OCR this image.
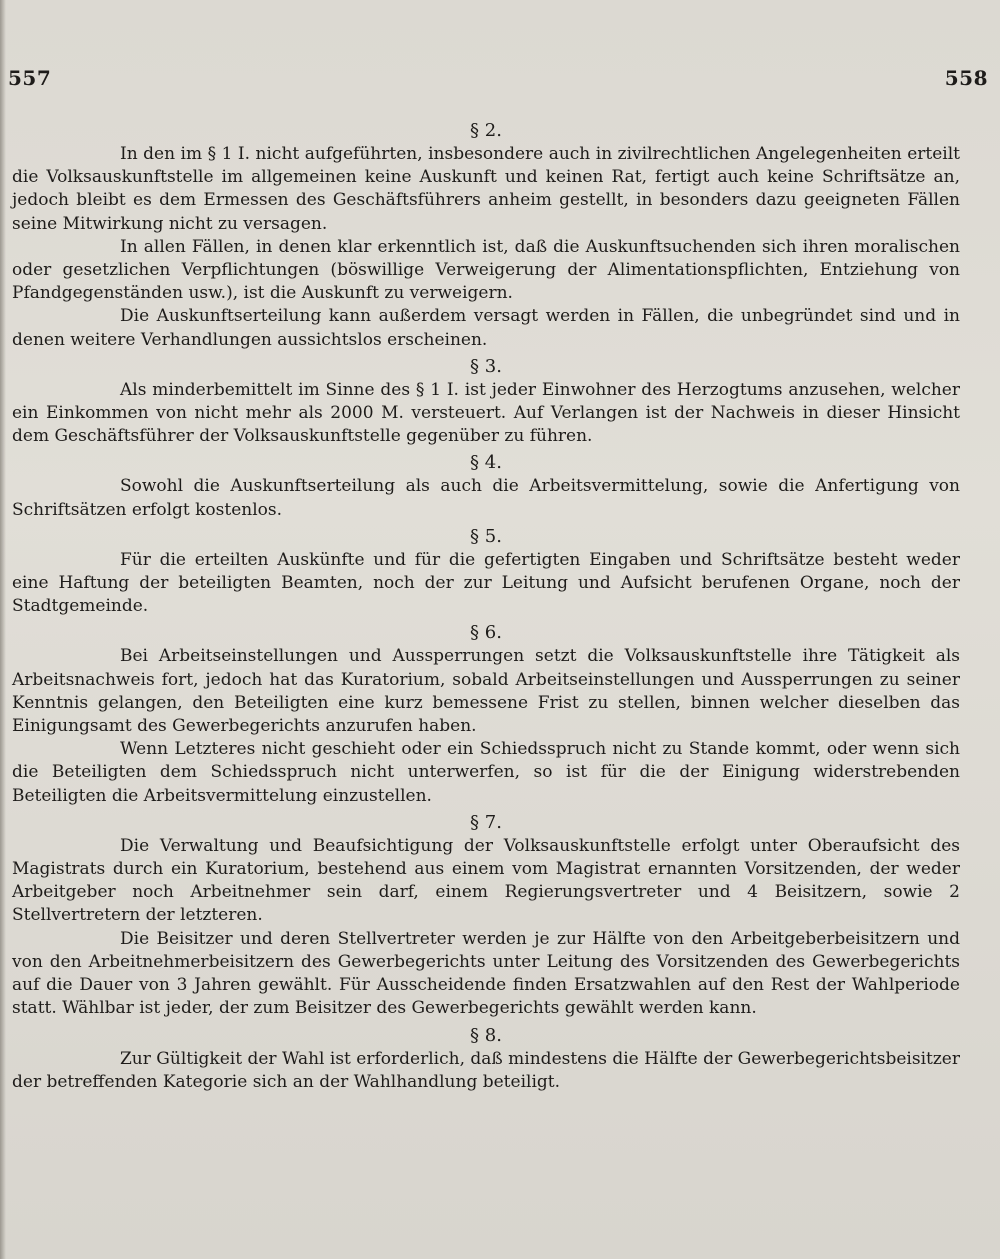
557	558
§ 2.

In den im § 1 I. nicht aufgeführten, insbesondere auch in zivilrechtlichen Angelegenheiten erteilt die Volksauskunftstelle im allgemeinen keine Auskunft und keinen Rat, fertigt auch keine Schriftsätze an, jedoch bleibt es dem Ermessen des Geschäftsführers anheim gestellt, in besonders dazu geeigneten Fällen seine Mitwirkung nicht zu versagen.

In allen Fällen, in denen klar erkenntlich ist, daß die Auskunftsuchenden sich ihren moralischen oder gesetzlichen Verpflichtungen (böswillige Verweigerung der Alimentationspflichten, Entziehung von Pfandgegenständen usw.), ist die Auskunft zu verweigern.

Die Auskunftserteilung kann außerdem versagt werden in Fällen, die unbegründet sind und in denen weitere Verhandlungen aussichtslos erscheinen.

§ 3.

Als minderbemittelt im Sinne des § 1 I. ist jeder Einwohner des Herzogtums anzusehen, welcher ein Einkommen von nicht mehr als 2000 M. versteuert. Auf Verlangen ist der Nachweis in dieser Hinsicht dem Geschäftsführer der Volksauskunftstelle gegenüber zu führen.

§ 4.

Sowohl die Auskunftserteilung als auch die Arbeitsvermittelung, sowie die Anfertigung von Schriftsätzen erfolgt kostenlos.

§ 5.

Für die erteilten Auskünfte und für die gefertigten Eingaben und Schriftsätze besteht weder eine Haftung der beteiligten Beamten, noch der zur Leitung und Aufsicht berufenen Organe, noch der Stadtgemeinde.

§ 6.

Bei Arbeitseinstellungen und Aussperrungen setzt die Volksauskunftstelle ihre Tätigkeit als Arbeitsnachweis fort, jedoch hat das Kuratorium, sobald Arbeitseinstellungen und Aussperrungen zu seiner Kenntnis gelangen, den Beteiligten eine kurz bemessene Frist zu stellen, binnen welcher dieselben das Einigungsamt des Gewerbegerichts anzurufen haben.

Wenn Letzteres nicht geschieht oder ein Schiedsspruch nicht zu Stande kommt, oder wenn sich die Beteiligten dem Schiedsspruch nicht unterwerfen, so ist für die der Einigung widerstrebenden Beteiligten die Arbeitsvermittelung einzustellen.

§ 7.

Die Verwaltung und Beaufsichtigung der Volksauskunftstelle erfolgt unter Oberaufsicht des Magistrats durch ein Kuratorium, bestehend aus einem vom Magistrat ernannten Vorsitzenden, der weder Arbeitgeber noch Arbeitnehmer sein darf, einem Regierungsvertreter und 4 Beisitzern, sowie 2 Stellvertretern der letzteren.

Die Beisitzer und deren Stellvertreter werden je zur Hälfte von den Arbeitgeberbeisitzern und von den Arbeitnehmerbeisitzern des Gewerbegerichts unter Leitung des Vorsitzenden des Gewerbegerichts auf die Dauer von 3 Jahren gewählt. Für Ausscheidende finden Ersatzwahlen auf den Rest der Wahlperiode statt. Wählbar ist jeder, der zum Beisitzer des Gewerbegerichts gewählt werden kann.

§ 8.

Zur Gültigkeit der Wahl ist erforderlich, daß mindestens die Hälfte der Gewerbegerichtsbeisitzer der betreffenden Kategorie sich an der Wahlhandlung beteiligt.
